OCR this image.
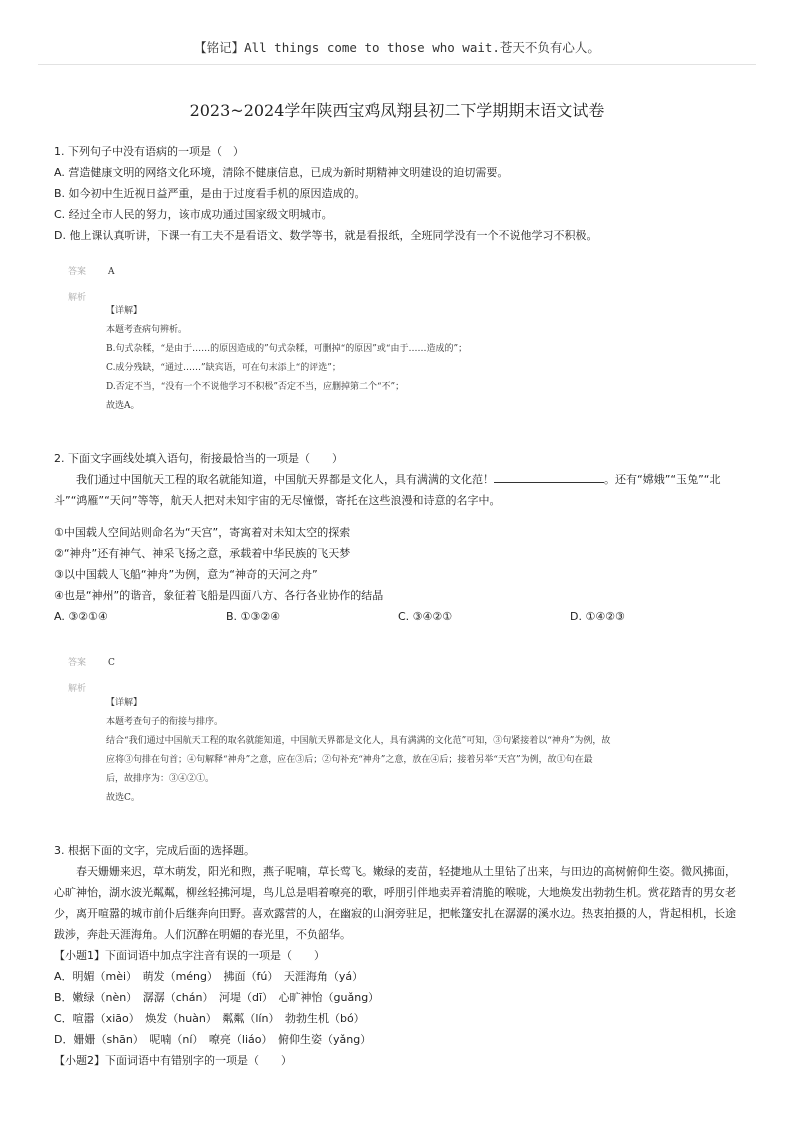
【铭记】All things come to those who wait.苍天不负有心人。
2023~2024学年陕西宝鸡凤翔县初二下学期期末语文试卷

1. 下列句子中没有语病的一项是（　）

A. 营造健康文明的网络文化环境，清除不健康信息，已成为新时期精神文明建设的迫切需要。

B. 如今初中生近视日益严重，是由于过度看手机的原因造成的。

C. 经过全市人民的努力，该市成功通过国家级文明城市。

D. 他上课认真听讲，下课一有工夫不是看语文、数学等书，就是看报纸，全班同学没有一个不说他学习不积极。

答案 A
解析

【详解】

本题考查病句辨析。

B.句式杂糅，“是由于……的原因造成的”句式杂糅，可删掉“的原因”或“由于……造成的”；

C.成分残缺，“通过……”缺宾语，可在句末添上“的评选”；

D.否定不当，“没有一个不说他学习不积极”否定不当，应删掉第二个“不”；

故选A。

2. 下面文字画线处填入语句，衔接最恰当的一项是（　　）

我们通过中国航天工程的取名就能知道，中国航天界都是文化人，具有满满的文化范！	。还有“嫦娥”“玉兔”“北

斗”“鸿雁”“天问”等等，航天人把对未知宇宙的无尽憧憬，寄托在这些浪漫和诗意的名字中。

①中国载人空间站则命名为“天宫”，寄寓着对未知太空的探索

②“神舟”还有神气、神采飞扬之意，承载着中华民族的飞天梦

③以中国载人飞船“神舟”为例，意为“神奇的天河之舟”

④也是“神州”的谐音，象征着飞船是四面八方、各行各业协作的结晶

A. ③②①④	B. ①③②④	C. ③④②①	D. ①④②③
答案 C
解析

【详解】

本题考查句子的衔接与排序。

结合“我们通过中国航天工程的取名就能知道，中国航天界都是文化人，具有满满的文化范”可知，③句紧接着以“神舟”为例，故

应将③句排在句首；④句解释“神舟”之意，应在③后；②句补充“神舟”之意，放在④后；接着另举“天宫”为例，故①句在最

后，故排序为：③④②①。

故选C。

3. 根据下面的文字，完成后面的选择题。

春天姗姗来迟，草木萌发，阳光和煦，燕子呢喃，草长莺飞。嫩绿的麦苗，轻捷地从土里钻了出来，与田边的高树俯仰生姿。微风拂面，

心旷神怡，湖水波光粼粼，柳丝轻拂河堤，鸟儿总是唱着嘹亮的歌，呼朋引伴地卖弄着清脆的喉咙，大地焕发出勃勃生机。赏花踏青的男女老

少，离开喧嚣的城市前仆后继奔向田野。喜欢露营的人，在幽寂的山涧旁驻足，把帐篷安扎在潺潺的溪水边。热衷拍摄的人，背起相机，长途

跋涉，奔赴天涯海角。人们沉醉在明媚的春光里，不负韶华。

【小题1】下面词语中加点字注音有误的一项是（　　）

A．明媚（mèi）　萌发（méng）　拂面（fú）　天涯海角（yá）

B．嫩绿（nèn）　潺潺（chán）　河堤（dī）　心旷神怡（guǎng）

C．喧嚣（xiāo）　焕发（huàn）　粼粼（lín）　勃勃生机（bó）

D．姗姗（shān）　呢喃（ní）　嘹亮（liáo）　俯仰生姿（yǎng）

【小题2】下面词语中有错别字的一项是（　　）
